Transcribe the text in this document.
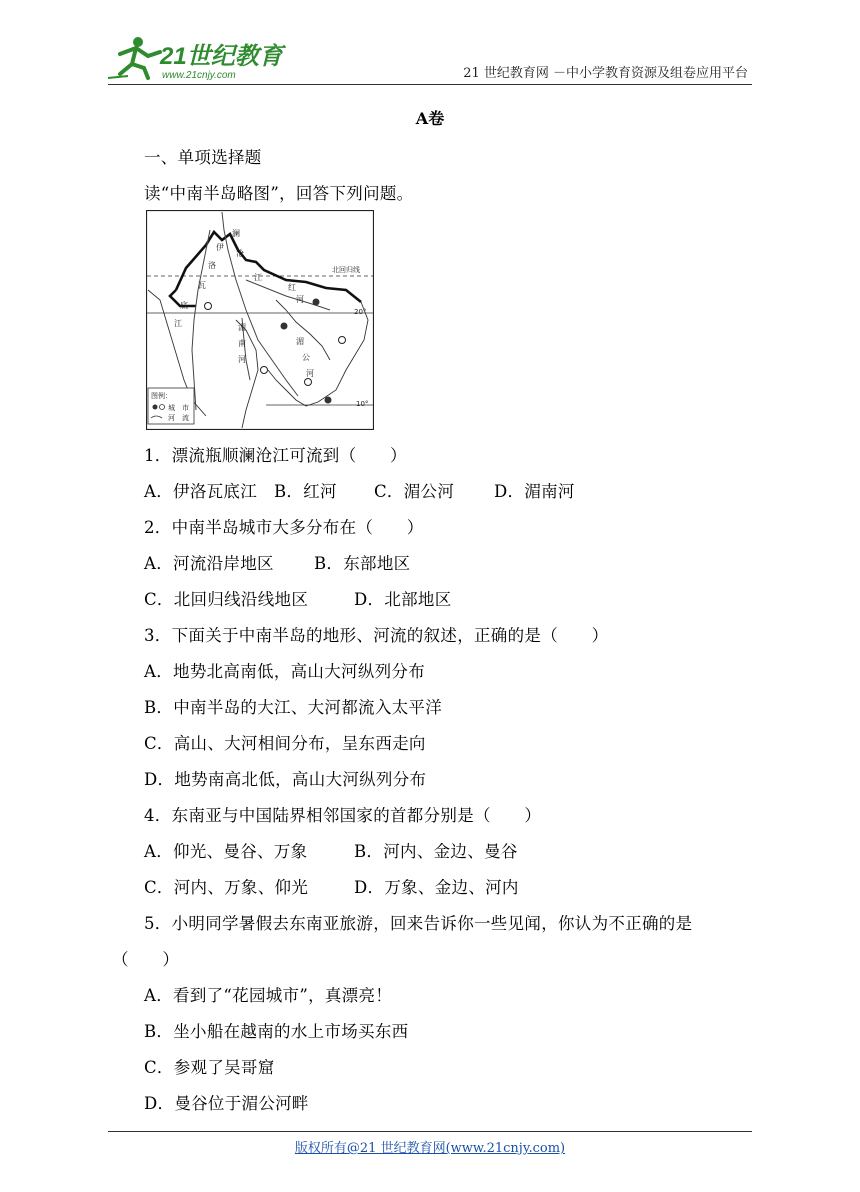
21世纪教育
www.21cnjy.com	21 世纪教育网 －中小学教育资源及组卷应用平台
A卷
一、单项选择题
读“中南半岛略图”，回答下列问题。
澜
沧
江
伊
洛
瓦
底
江
红
河
湄
南
河
湄
公
河
北回归线
20°
10°
图例：
城　市
河　流
1．漂流瓶顺澜沧江可流到（　　）
A．伊洛瓦底江 B．红河 C．湄公河 D．湄南河
2．中南半岛城市大多分布在（　　）
A．河流沿岸地区 B．东部地区
C．北回归线沿线地区	D．北部地区
3．下面关于中南半岛的地形、河流的叙述，正确的是（　　）
A．地势北高南低，高山大河纵列分布
B．中南半岛的大江、大河都流入太平洋
C．高山、大河相间分布，呈东西走向
D．地势南高北低，高山大河纵列分布
4．东南亚与中国陆界相邻国家的首都分别是（　　）
A．仰光、曼谷、万象	B．河内、金边、曼谷
C．河内、万象、仰光	D．万象、金边、河内
5．小明同学暑假去东南亚旅游，回来告诉你一些见闻，你认为不正确的是
（　　）
A．看到了“花园城市”，真漂亮！
B．坐小船在越南的水上市场买东西
C．参观了吴哥窟
D．曼谷位于湄公河畔
版权所有@21 世纪教育网(www.21cnjy.com)
